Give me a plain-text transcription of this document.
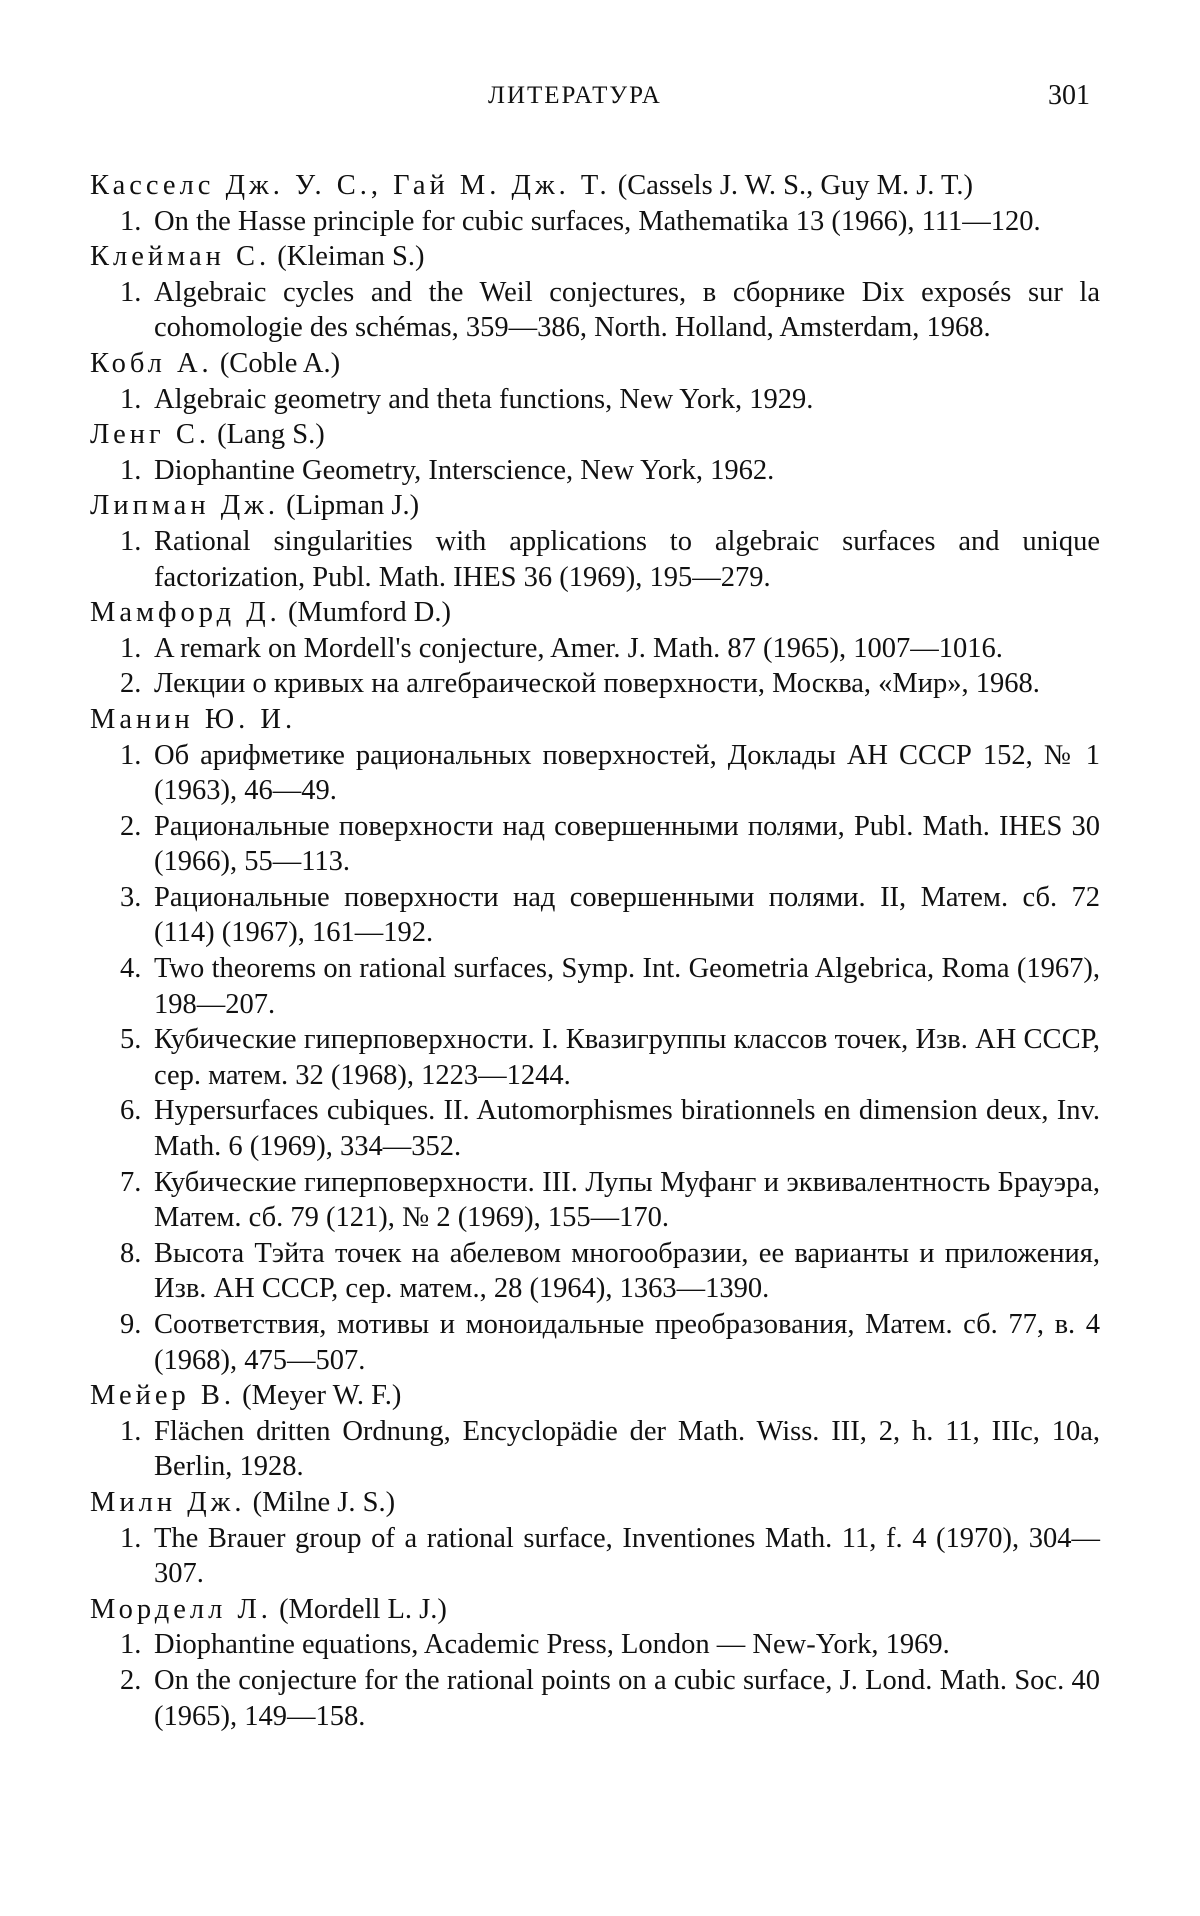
ЛИТЕРАТУРА	301
Касселс Дж. У. С., Гай М. Дж. Т. (Cassels J. W. S., Guy M. J. T.)
1. On the Hasse principle for cubic surfaces, Mathematika 13 (1966), 111—120.
Клейман С. (Kleiman S.)
1. Algebraic cycles and the Weil conjectures, в сборнике Dix exposés sur la cohomologie des schémas, 359—386, North. Holland, Amsterdam, 1968.
Кобл А. (Coble A.)
1. Algebraic geometry and theta functions, New York, 1929.
Ленг С. (Lang S.)
1. Diophantine Geometry, Interscience, New York, 1962.
Липман Дж. (Lipman J.)
1. Rational singularities with applications to algebraic surfaces and unique factorization, Publ. Math. IHES 36 (1969), 195—279.
Мамфорд Д. (Mumford D.)
1. A remark on Mordell's conjecture, Amer. J. Math. 87 (1965), 1007—1016.
2. Лекции о кривых на алгебраической поверхности, Москва, «Мир», 1968.
Манин Ю. И.
1. Об арифметике рациональных поверхностей, Доклады АН СССР 152, № 1 (1963), 46—49.
2. Рациональные поверхности над совершенными полями, Publ. Math. IHES 30 (1966), 55—113.
3. Рациональные поверхности над совершенными полями. II, Матем. сб. 72 (114) (1967), 161—192.
4. Two theorems on rational surfaces, Symp. Int. Geometria Algebrica, Roma (1967), 198—207.
5. Кубические гиперповерхности. I. Квазигруппы классов точек, Изв. АН СССР, сер. матем. 32 (1968), 1223—1244.
6. Hypersurfaces cubiques. II. Automorphismes birationnels en dimension deux, Inv. Math. 6 (1969), 334—352.
7. Кубические гиперповерхности. III. Лупы Муфанг и эквивалентность Брауэра, Матем. сб. 79 (121), № 2 (1969), 155—170.
8. Высота Тэйта точек на абелевом многообразии, ее варианты и приложения, Изв. АН СССР, сер. матем., 28 (1964), 1363—1390.
9. Соответствия, мотивы и моноидальные преобразования, Матем. сб. 77, в. 4 (1968), 475—507.
Мейер В. (Meyer W. F.)
1. Flächen dritten Ordnung, Encyclopädie der Math. Wiss. III, 2, h. 11, IIIc, 10a, Berlin, 1928.
Милн Дж. (Milne J. S.)
1. The Brauer group of a rational surface, Inventiones Math. 11, f. 4 (1970), 304—307.
Морделл Л. (Mordell L. J.)
1. Diophantine equations, Academic Press, London — New-York, 1969.
2. On the conjecture for the rational points on a cubic surface, J. Lond. Math. Soc. 40 (1965), 149—158.
